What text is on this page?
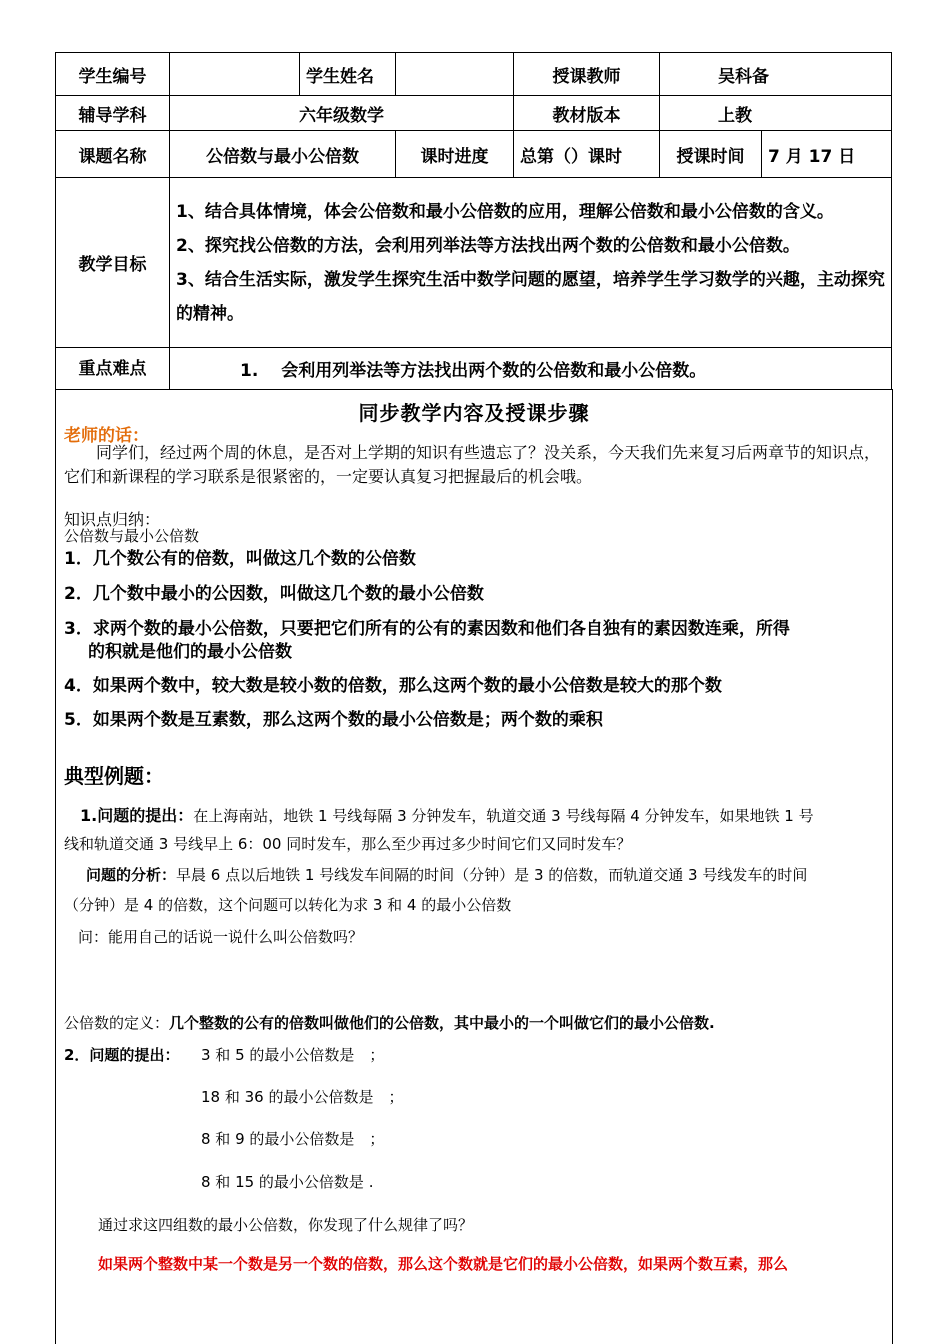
学生编号		学生姓名		授课教师	吴科备	
辅导学科	六年级数学			教材版本	上教	
课题名称	公倍数与最小公倍数		课时进度	总第（）课时	授课时间	7 月 17 日
教学目标	1、结合具体情境，体会公倍数和最小公倍数的应用，理解公倍数和最小公倍数的含义。

2、探究找公倍数的方法，会利用列举法等方法找出两个数的公倍数和最小公倍数。

3、结合生活实际，激发学生探究生活中数学问题的愿望，培养学生学习数学的兴趣，主动探究的精神。					

重点难点	1.　 会利用列举法等方法找出两个数的公倍数和最小公倍数。					
同步教学内容及授课步骤
老师的话：
同学们，经过两个周的休息，是否对上学期的知识有些遗忘了？没关系，今天我们先来复习后两章节的知识点，它们和新课程的学习联系是很紧密的，一定要认真复习把握最后的机会哦。
知识点归纳：
公倍数与最小公倍数
1．几个数公有的倍数，叫做这几个数的公倍数
2．几个数中最小的公因数，叫做这几个数的最小公倍数
3．求两个数的最小公倍数，只要把它们所有的公有的素因数和他们各自独有的素因数连乘，所得
的积就是他们的最小公倍数
4．如果两个数中，较大数是较小数的倍数，那么这两个数的最小公倍数是较大的那个数
5．如果两个数是互素数，那么这两个数的最小公倍数是；两个数的乘积
典型例题：
1.问题的提出：在上海南站，地铁 1 号线每隔 3 分钟发车，轨道交通 3 号线每隔 4 分钟发车，如果地铁 1 号
线和轨道交通 3 号线早上 6：00 同时发车，那么至少再过多少时间它们又同时发车？
问题的分析：早晨 6 点以后地铁 1 号线发车间隔的时间（分钟）是 3 的倍数，而轨道交通 3 号线发车的时间
（分钟）是 4 的倍数，这个问题可以转化为求 3 和 4 的最小公倍数
问：能用自己的话说一说什么叫公倍数吗？
公倍数的定义：几个整数的公有的倍数叫做他们的公倍数，其中最小的一个叫做它们的最小公倍数.
2．问题的提出： 3 和 5 的最小公倍数是　；
18 和 36 的最小公倍数是　；
8 和 9 的最小公倍数是　；
8 和 15 的最小公倍数是 .
通过求这四组数的最小公倍数，你发现了什么规律了吗？
如果两个整数中某一个数是另一个数的倍数，那么这个数就是它们的最小公倍数，如果两个数互素，那么
